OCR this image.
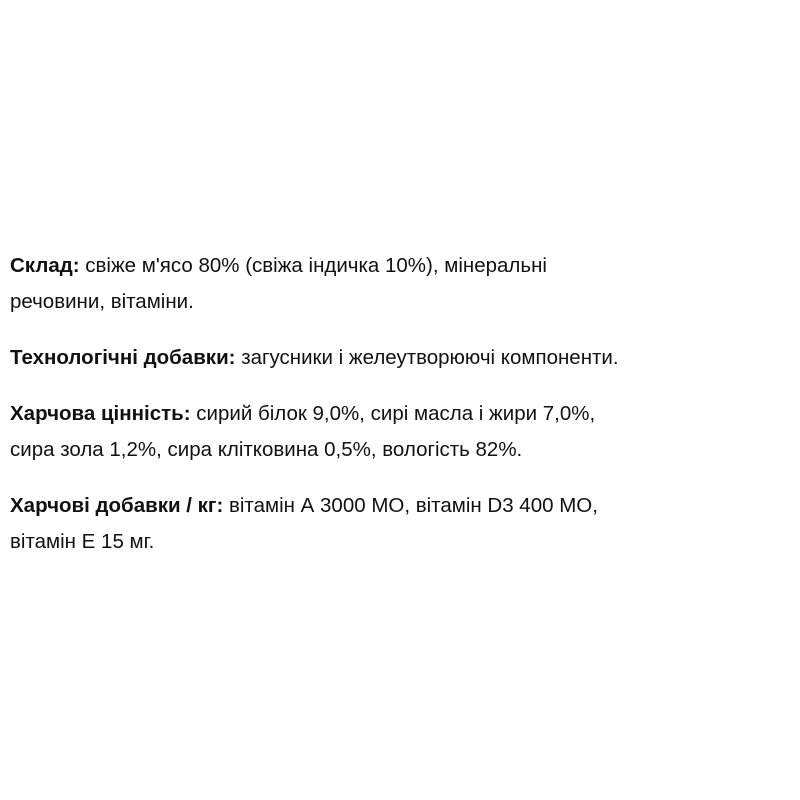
Склад: свіже м'ясо 80% (свіжа індичка 10%), мінеральні
речовини, вітаміни.

Технологічні добавки: загусники і желеутворюючі компоненти.

Харчова цінність: сирий білок 9,0%, сирі масла і жири 7,0%,
сира зола 1,2%, сира клітковина 0,5%, вологість 82%.

Харчові добавки / кг: вітамін А 3000 МО, вітамін D3 400 МО,
вітамін Е 15 мг.
